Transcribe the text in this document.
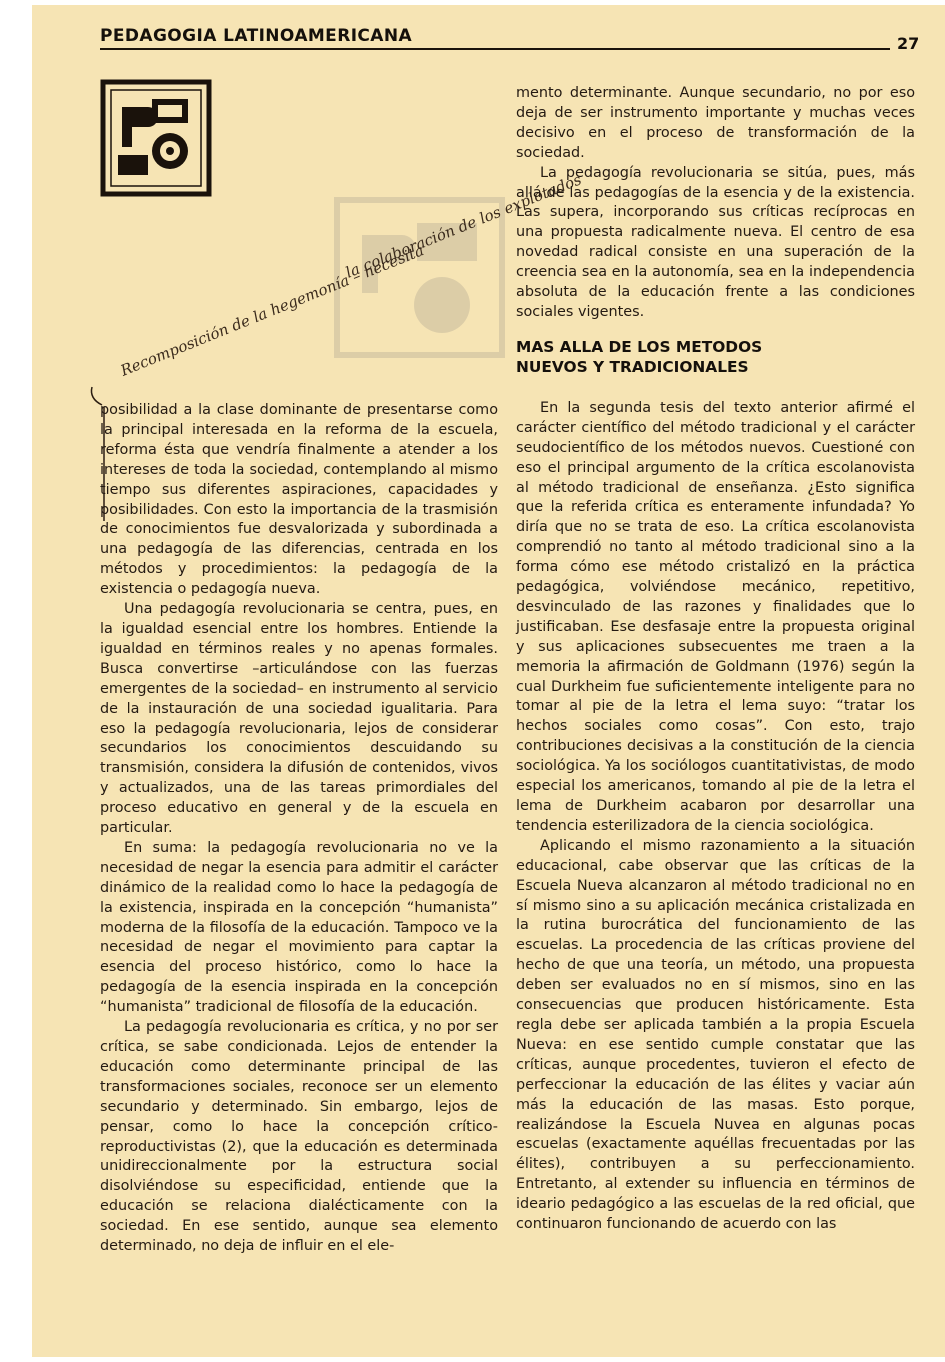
PEDAGOGIA LATINOAMERICANA	27
Recomposición de la hegemonía – necesita
la colaboración de los explotados

posibilidad a la clase dominante de presentarse como la principal interesada en la reforma de la escuela, reforma ésta que vendría finalmente a atender a los intereses de toda la sociedad, contemplando al mismo tiempo sus diferentes aspiraciones, capacidades y posibilidades. Con esto la importancia de la trasmisión de conocimientos fue desvalorizada y subordinada a una pedagogía de las diferencias, centrada en los métodos y procedimientos: la pedagogía de la existencia o pedagogía nueva.

Una pedagogía revolucionaria se centra, pues, en la igualdad esencial entre los hombres. Entiende la igualdad en términos reales y no apenas formales. Busca convertirse –articulándose con las fuerzas emergentes de la sociedad– en instrumento al servicio de la instauración de una sociedad igualitaria. Para eso la pedagogía revolucionaria, lejos de considerar secundarios los conocimientos descuidando su transmisión, considera la difusión de contenidos, vivos y actualizados, una de las tareas primordiales del proceso educativo en general y de la escuela en particular.

En suma: la pedagogía revolucionaria no ve la necesidad de negar la esencia para admitir el carácter dinámico de la realidad como lo hace la pedagogía de la existencia, inspirada en la concepción “humanista” moderna de la filosofía de la educación. Tampoco ve la necesidad de negar el movimiento para captar la esencia del proceso histórico, como lo hace la pedagogía de la esencia inspirada en la concepción “humanista” tradicional de filosofía de la educación.

La pedagogía revolucionaria es crítica, y no por ser crítica, se sabe condicionada. Lejos de entender la educación como determinante principal de las transformaciones sociales, reconoce ser un elemento secundario y determinado. Sin embargo, lejos de pensar, como lo hace la concepción crítico-reproductivistas (2), que la educación es determinada unidireccionalmente por la estructura social disolviéndose su especificidad, entiende que la educación se relaciona dialécticamente con la sociedad. En ese sentido, aunque sea elemento determinado, no deja de influir en el ele-

mento determinante. Aunque secundario, no por eso deja de ser instrumento importante y muchas veces decisivo en el proceso de transformación de la sociedad.

La pedagogía revolucionaria se sitúa, pues, más allá de las pedagogías de la esencia y de la existencia. Las supera, incorporando sus críticas recíprocas en una propuesta radicalmente nueva. El centro de esa novedad radical consiste en una superación de la creencia sea en la autonomía, sea en la independencia absoluta de la educación frente a las condiciones sociales vigentes.

MAS ALLA DE LOS METODOS
NUEVOS Y TRADICIONALES

En la segunda tesis del texto anterior afirmé el carácter científico del método tradicional y el carácter seudocientífico de los métodos nuevos. Cuestioné con eso el principal argumento de la crítica escolanovista al método tradicional de enseñanza. ¿Esto significa que la referida crítica es enteramente infundada? Yo diría que no se trata de eso. La crítica escolanovista comprendió no tanto al método tradicional sino a la forma cómo ese método cristalizó en la práctica pedagógica, volviéndose mecánico, repetitivo, desvinculado de las razones y finalidades que lo justificaban. Ese desfasaje entre la propuesta original y sus aplicaciones subsecuentes me traen a la memoria la afirmación de Goldmann (1976) según la cual Durkheim fue suficientemente inteligente para no tomar al pie de la letra el lema suyo: “tratar los hechos sociales como cosas”. Con esto, trajo contribuciones decisivas a la constitución de la ciencia sociológica. Ya los sociólogos cuantitativistas, de modo especial los americanos, tomando al pie de la letra el lema de Durkheim acabaron por desarrollar una tendencia esterilizadora de la ciencia sociológica.

Aplicando el mismo razonamiento a la situación educacional, cabe observar que las críticas de la Escuela Nueva alcanzaron al método tradicional no en sí mismo sino a su aplicación mecánica cristalizada en la rutina burocrática del funcionamiento de las escuelas. La procedencia de las críticas proviene del hecho de que una teoría, un método, una propuesta deben ser evaluados no en sí mismos, sino en las consecuencias que producen históricamente. Esta regla debe ser aplicada también a la propia Escuela Nueva: en ese sentido cumple constatar que las críticas, aunque procedentes, tuvieron el efecto de perfeccionar la educación de las élites y vaciar aún más la educación de las masas. Esto porque, realizándose la Escuela Nuvea en algunas pocas escuelas (exactamente aquéllas frecuentadas por las élites), contribuyen a su perfeccionamiento. Entretanto, al extender su influencia en términos de ideario pedagógico a las escuelas de la red oficial, que continuaron funcionando de acuerdo con las
